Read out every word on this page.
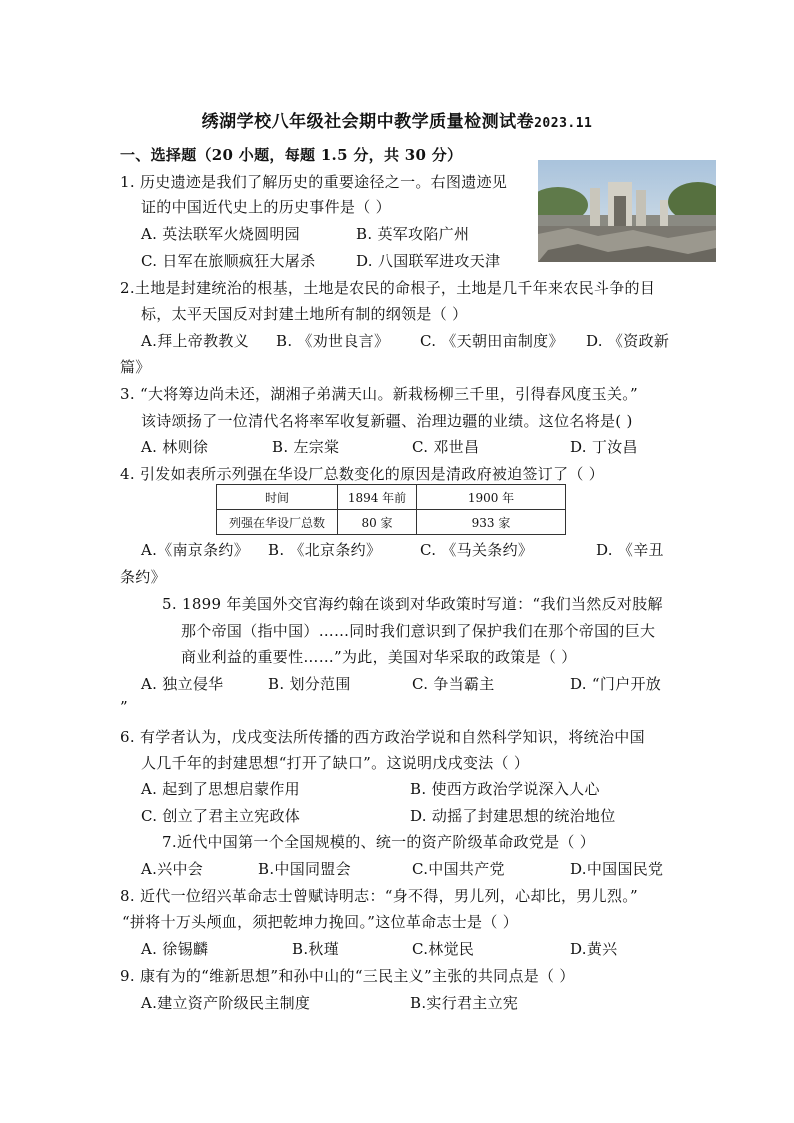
绣湖学校八年级社会期中教学质量检测试卷2023.11
一、选择题（20 小题，每题 1.5 分，共 30 分）
1. 历史遗迹是我们了解历史的重要途径之一。右图遗迹见
证的中国近代史上的历史事件是（ ）
A. 英法联军火烧圆明园	B. 英军攻陷广州
C. 日军在旅顺疯狂大屠杀	D. 八国联军进攻天津
2.土地是封建统治的根基，土地是农民的命根子，土地是几千年来农民斗争的目
标，太平天国反对封建土地所有制的纲领是（ ）
A.拜上帝教教义 B. 《劝世良言》 C. 《天朝田亩制度》 D. 《资政新
篇》
3. “大将筹边尚未还，湖湘子弟满天山。新栽杨柳三千里，引得春风度玉关。”
该诗颂扬了一位清代名将率军收复新疆、治理边疆的业绩。这位名将是( )
A. 林则徐	B. 左宗棠	C. 邓世昌	D. 丁汝昌
4. 引发如表所示列强在华设厂总数变化的原因是清政府被迫签订了（ ）
时间	1894 年前	1900 年
列强在华设厂总数	80 家	933 家
A.《南京条约》 B. 《北京条约》	C. 《马关条约》	D. 《辛丑
条约》
5. 1899 年美国外交官海约翰在谈到对华政策时写道：“我们当然反对肢解
那个帝国（指中国）……同时我们意识到了保护我们在那个帝国的巨大
商业利益的重要性……”为此，美国对华采取的政策是（ ）
A. 独立侵华	B. 划分范围	C. 争当霸主	D. “门户开放
”
6. 有学者认为，戊戌变法所传播的西方政治学说和自然科学知识，将统治中国
人几千年的封建思想“打开了缺口”。这说明戊戌变法（ ）
A. 起到了思想启蒙作用	B. 使西方政治学说深入人心
C. 创立了君主立宪政体	D. 动摇了封建思想的统治地位
7.近代中国第一个全国规模的、统一的资产阶级革命政党是（ ）
A.兴中会	B.中国同盟会	C.中国共产党	D.中国国民党
8. 近代一位绍兴革命志士曾赋诗明志：“身不得，男儿列，心却比，男儿烈。”
“拼将十万头颅血，须把乾坤力挽回。”这位革命志士是（ ）
A. 徐锡麟	B.秋瑾	C.林觉民	D.黄兴
9. 康有为的“维新思想”和孙中山的“三民主义”主张的共同点是（ ）
A.建立资产阶级民主制度	B.实行君主立宪
